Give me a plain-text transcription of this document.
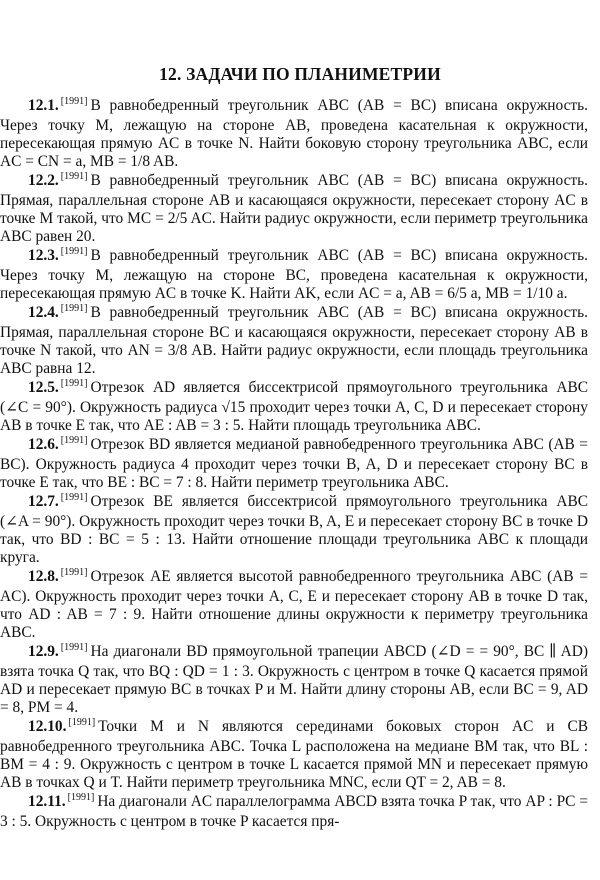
12. ЗАДАЧИ ПО ПЛАНИМЕТРИИ

12.1. [1991] В равнобедренный треугольник ABC (AB = BC) вписана окружность. Через точку M, лежащую на стороне AB, проведена касательная к окружности, пересекающая прямую AC в точке N. Найти боковую сторону треугольника ABC, если AC = CN = a, MB = 1/8 AB.

12.2. [1991] В равнобедренный треугольник ABC (AB = BC) вписана окружность. Прямая, параллельная стороне AB и касающаяся окружности, пересекает сторону AC в точке M такой, что MC = 2/5 AC. Найти радиус окружности, если периметр треугольника ABC равен 20.

12.3. [1991] В равнобедренный треугольник ABC (AB = BC) вписана окружность. Через точку M, лежащую на стороне BC, проведена касательная к окружности, пересекающая прямую AC в точке K. Найти AK, если AC = a, AB = 6/5 a, MB = 1/10 a.

12.4. [1991] В равнобедренный треугольник ABC (AB = BC) вписана окружность. Прямая, параллельная стороне BC и касающаяся окружности, пересекает сторону AB в точке N такой, что AN = 3/8 AB. Найти радиус окружности, если площадь треугольника ABC равна 12.

12.5. [1991] Отрезок AD является биссектрисой прямоугольного треугольника ABC (∠C = 90°). Окружность радиуса √15 проходит через точки A, C, D и пересекает сторону AB в точке E так, что AE : AB = 3 : 5. Найти площадь треугольника ABC.

12.6. [1991] Отрезок BD является медианой равнобедренного треугольника ABC (AB = BC). Окружность радиуса 4 проходит через точки B, A, D и пересекает сторону BC в точке E так, что BE : BC = 7 : 8. Найти периметр треугольника ABC.

12.7. [1991] Отрезок BE является биссектрисой прямоугольного треугольника ABC (∠A = 90°). Окружность проходит через точки B, A, E и пересекает сторону BC в точке D так, что BD : BC = 5 : 13. Найти отношение площади треугольника ABC к площади круга.

12.8. [1991] Отрезок AE является высотой равнобедренного треугольника ABC (AB = AC). Окружность проходит через точки A, C, E и пересекает сторону AB в точке D так, что AD : AB = 7 : 9. Найти отношение длины окружности к периметру треугольника ABC.

12.9. [1991] На диагонали BD прямоугольной трапеции ABCD (∠D = = 90°, BC ∥ AD) взята точка Q так, что BQ : QD = 1 : 3. Окружность с центром в точке Q касается прямой AD и пересекает прямую BC в точках P и M. Найти длину стороны AB, если BC = 9, AD = 8, PM = 4.

12.10. [1991] Точки M и N являются серединами боковых сторон AC и CB равнобедренного треугольника ABC. Точка L расположена на медиане BM так, что BL : BM = 4 : 9. Окружность с центром в точке L касается прямой MN и пересекает прямую AB в точках Q и T. Найти периметр треугольника MNC, если QT = 2, AB = 8.

12.11. [1991] На диагонали AC параллелограмма ABCD взята точка P так, что AP : PC = 3 : 5. Окружность с центром в точке P касается пря-
